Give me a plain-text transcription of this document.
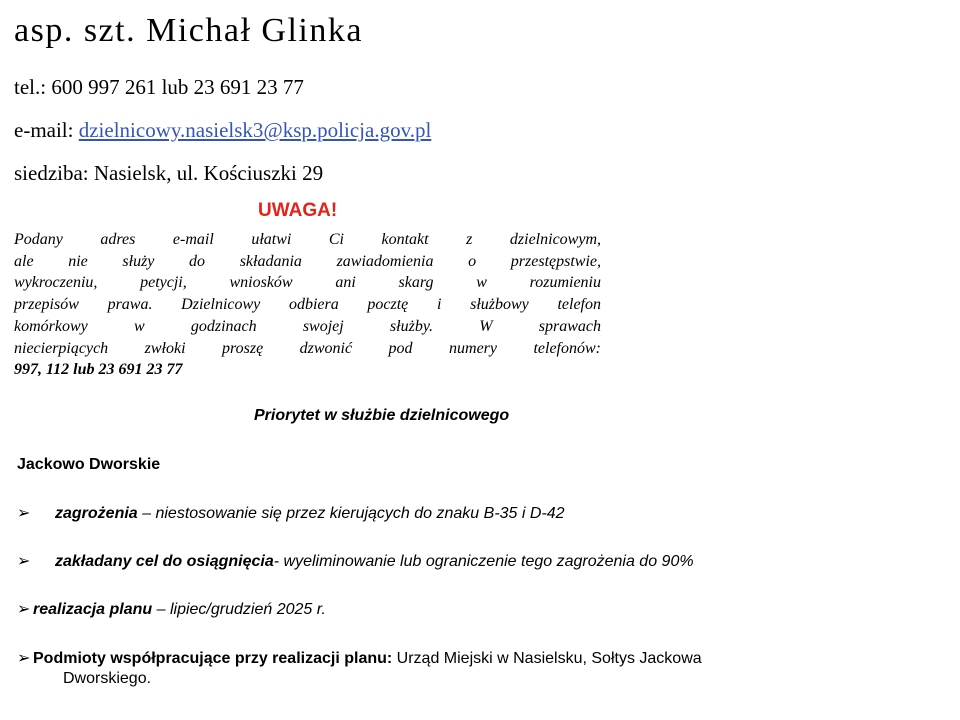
asp. szt. Michał Glinka
tel.: 600 997 261 lub 23 691 23 77
e-mail: dzielnicowy.nasielsk3@ksp.policja.gov.pl
siedziba: Nasielsk, ul. Kościuszki 29
UWAGA!
Podany adres e-mail ułatwi Ci kontakt z dzielnicowym,
ale nie służy do składania zawiadomienia o przestępstwie,
wykroczeniu, petycji, wniosków ani skarg w rozumieniu
przepisów prawa. Dzielnicowy odbiera pocztę i służbowy telefon
komórkowy w godzinach swojej służby. W sprawach
niecierpiących zwłoki proszę dzwonić pod numery telefonów:
997, 112 lub 23 691 23 77
Priorytet w służbie dzielnicowego
Jackowo Dworskie
➢ zagrożenia – niestosowanie się przez kierujących do znaku B-35 i D-42
➢ zakładany cel do osiągnięcia- wyeliminowanie lub ograniczenie tego zagrożenia do 90%
➢ realizacja planu – lipiec/grudzień 2025 r.
➢ Podmioty współpracujące przy realizacji planu: Urząd Miejski w Nasielsku, Sołtys Jackowa
Dworskiego.
